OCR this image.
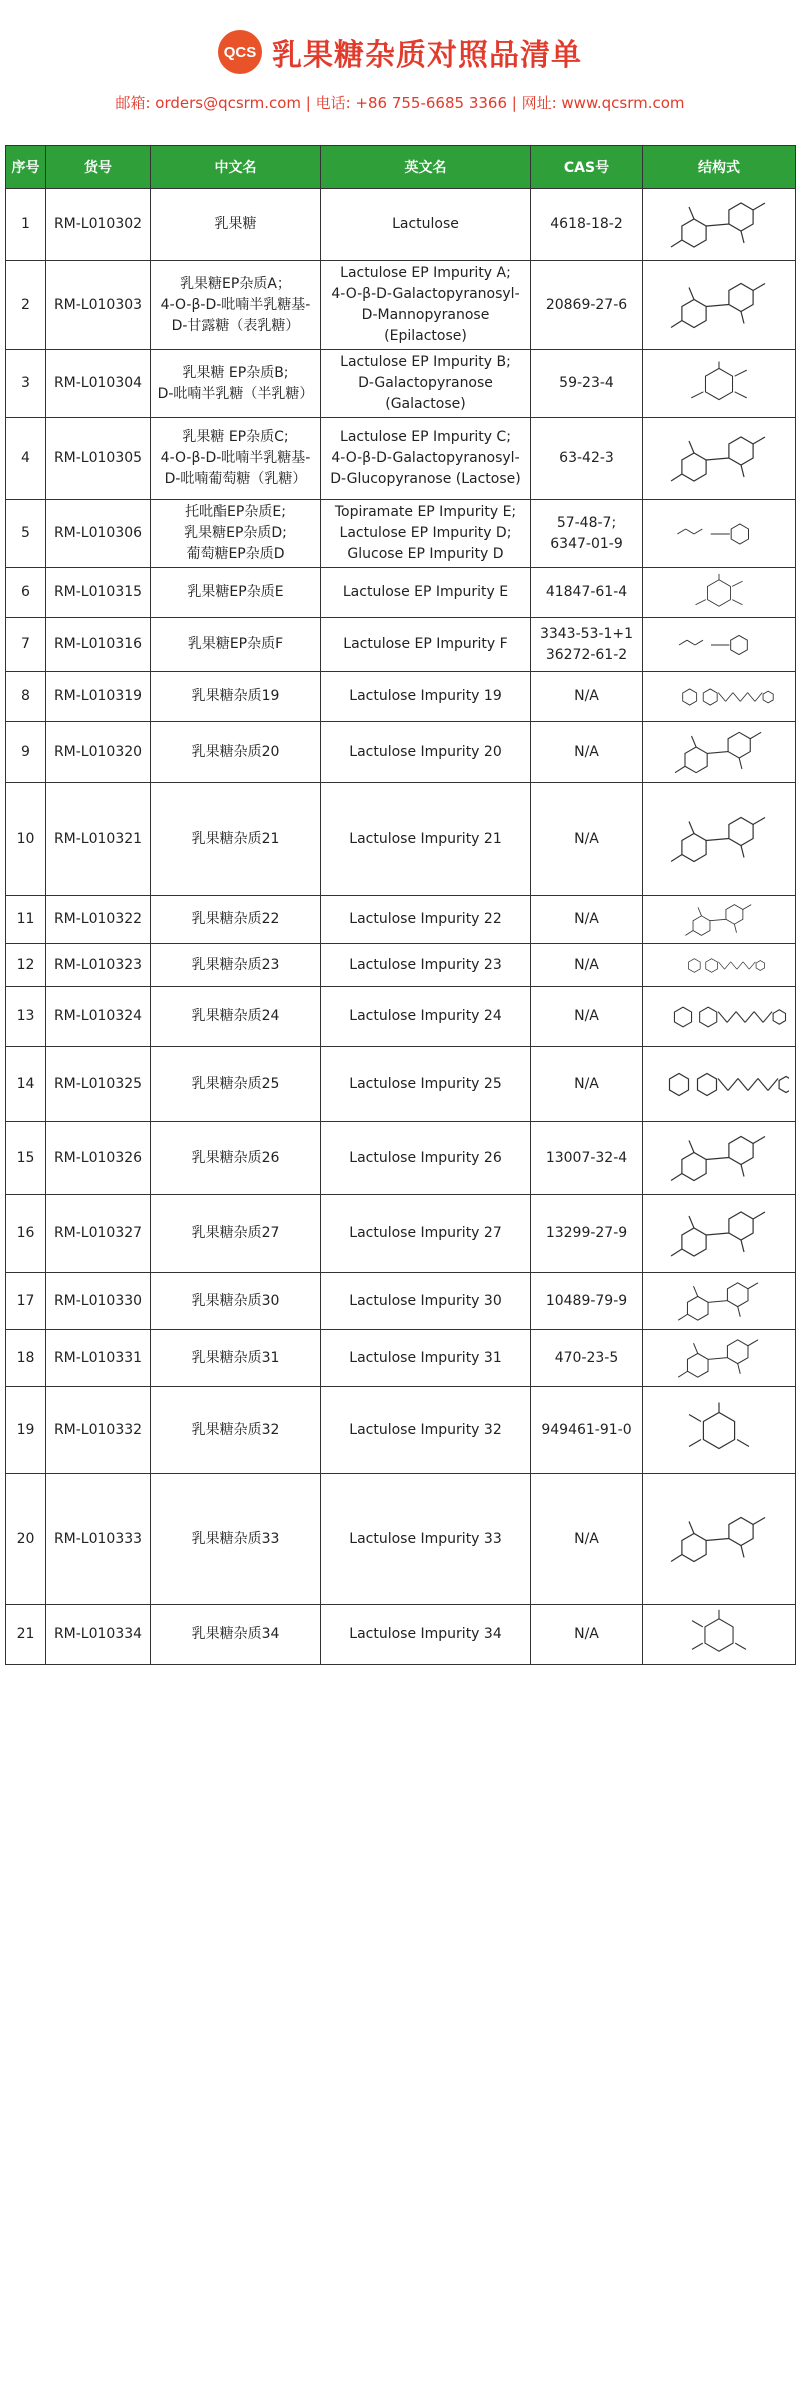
QCS 乳果糖杂质对照品清单
邮箱: orders@qcsrm.com | 电话: +86 755-6685 3366 | 网址: www.qcsrm.com
序号	货号	中文名	英文名	CAS号	结构式
1	RM-L010302	乳果糖	Lactulose	4618-18-2

2	RM-L010303	乳果糖EP杂质A；
4-O-β-D-吡喃半乳糖基-
D-甘露糖（表乳糖）	Lactulose EP Impurity A;
4-O-β-D-Galactopyranosyl-
D-Mannopyranose
(Epilactose)	20869-27-6

3	RM-L010304	乳果糖 EP杂质B;
D-吡喃半乳糖（半乳糖）	Lactulose EP Impurity B;
D-Galactopyranose
(Galactose)	59-23-4

4	RM-L010305	乳果糖 EP杂质C;
4-O-β-D-吡喃半乳糖基-
D-吡喃葡萄糖（乳糖）	Lactulose EP Impurity C;
4-O-β-D-Galactopyranosyl-
D-Glucopyranose (Lactose)	63-42-3

5	RM-L010306	托吡酯EP杂质E;
乳果糖EP杂质D;
葡萄糖EP杂质D	Topiramate EP Impurity E;
Lactulose EP Impurity D;
Glucose EP Impurity D	57-48-7;
6347-01-9

6	RM-L010315	乳果糖EP杂质E	Lactulose EP Impurity E	41847-61-4

7	RM-L010316	乳果糖EP杂质F	Lactulose EP Impurity F	3343-53-1+1
36272-61-2

8	RM-L010319	乳果糖杂质19	Lactulose Impurity 19	N/A

9	RM-L010320	乳果糖杂质20	Lactulose Impurity 20	N/A

10	RM-L010321	乳果糖杂质21	Lactulose Impurity 21	N/A

11	RM-L010322	乳果糖杂质22	Lactulose Impurity 22	N/A

12	RM-L010323	乳果糖杂质23	Lactulose Impurity 23	N/A

13	RM-L010324	乳果糖杂质24	Lactulose Impurity 24	N/A

14	RM-L010325	乳果糖杂质25	Lactulose Impurity 25	N/A

15	RM-L010326	乳果糖杂质26	Lactulose Impurity 26	13007-32-4

16	RM-L010327	乳果糖杂质27	Lactulose Impurity 27	13299-27-9

17	RM-L010330	乳果糖杂质30	Lactulose Impurity 30	10489-79-9

18	RM-L010331	乳果糖杂质31	Lactulose Impurity 31	470-23-5

19	RM-L010332	乳果糖杂质32	Lactulose Impurity 32	949461-91-0

20	RM-L010333	乳果糖杂质33	Lactulose Impurity 33	N/A

21	RM-L010334	乳果糖杂质34	Lactulose Impurity 34	N/A
